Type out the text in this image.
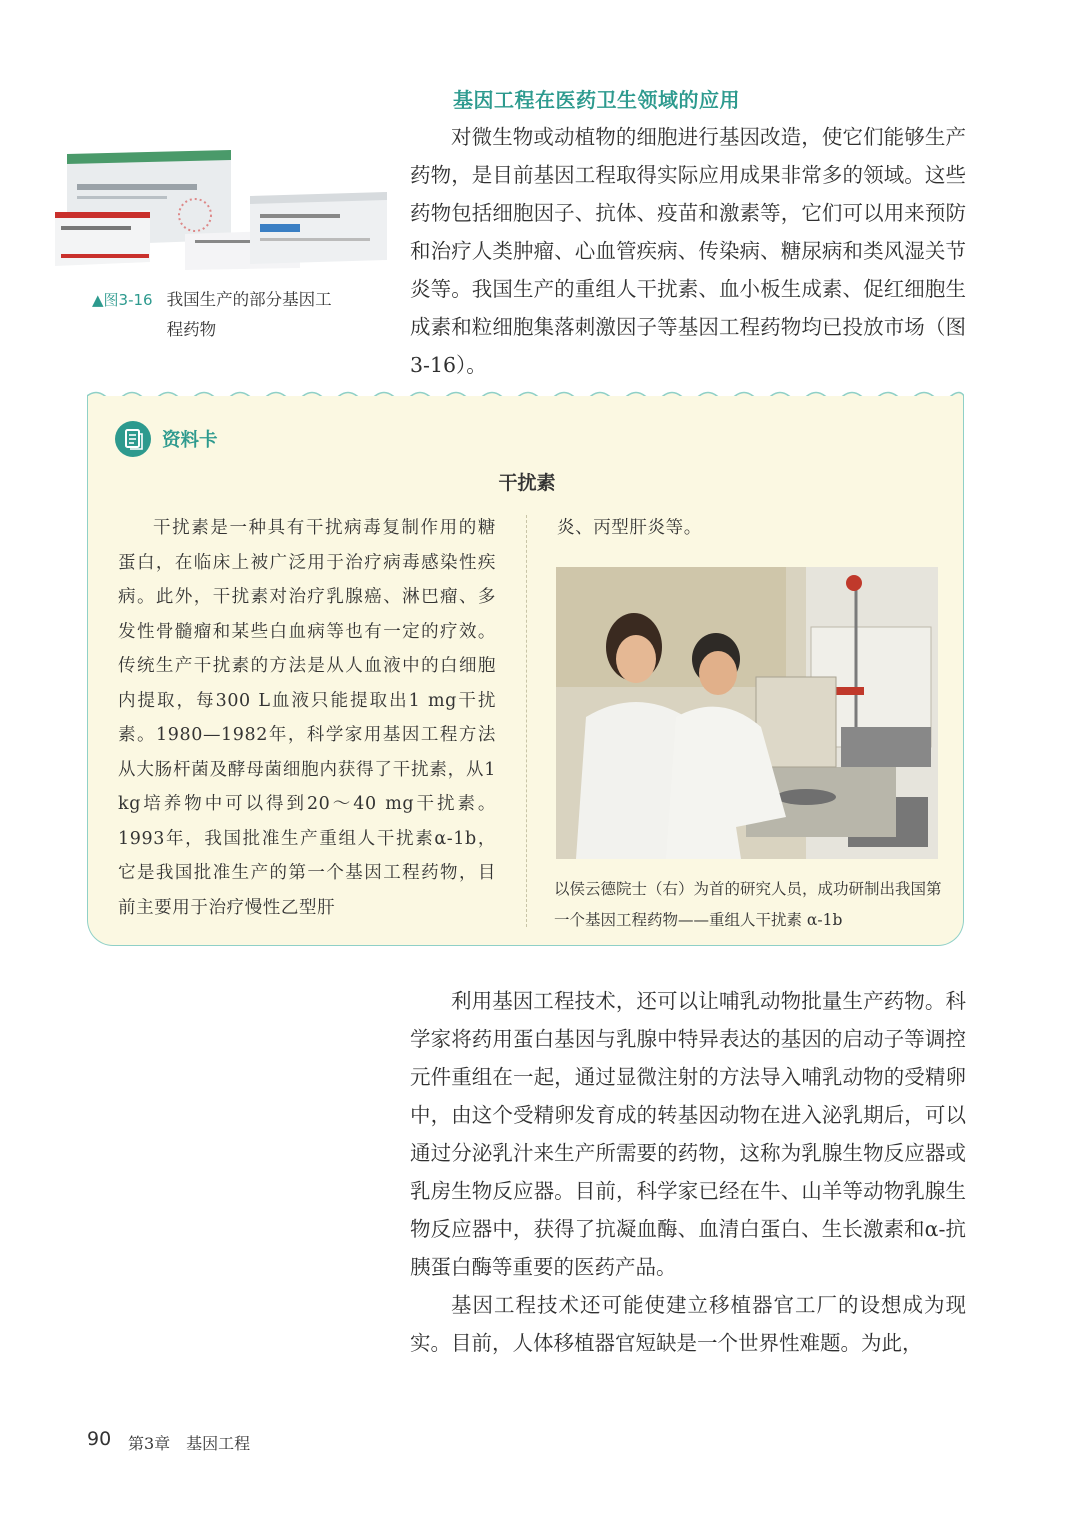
基因工程在医药卫生领域的应用

对微生物或动植物的细胞进行基因改造，使它们能够生产药物，是目前基因工程取得实际应用成果非常多的领域。这些药物包括细胞因子、抗体、疫苗和激素等，它们可以用来预防和治疗人类肿瘤、心血管疾病、传染病、糖尿病和类风湿关节炎等。我国生产的重组人干扰素、血小板生成素、促红细胞生成素和粒细胞集落刺激因子等基因工程药物均已投放市场（图3-16）。

▲图3-16 我国生产的部分基因工程药物
资料卡
干扰素

干扰素是一种具有干扰病毒复制作用的糖蛋白，在临床上被广泛用于治疗病毒感染性疾病。此外，干扰素对治疗乳腺癌、淋巴瘤、多发性骨髓瘤和某些白血病等也有一定的疗效。传统生产干扰素的方法是从人血液中的白细胞内提取，每300 L血液只能提取出1 mg干扰素。1980—1982年，科学家用基因工程方法从大肠杆菌及酵母菌细胞内获得了干扰素，从1 kg培养物中可以得到20～40 mg干扰素。1993年，我国批准生产重组人干扰素α-1b，它是我国批准生产的第一个基因工程药物，目前主要用于治疗慢性乙型肝

炎、丙型肝炎等。
以侯云德院士（右）为首的研究人员，成功研制出我国第一个基因工程药物——重组人干扰素 α-1b

利用基因工程技术，还可以让哺乳动物批量生产药物。科学家将药用蛋白基因与乳腺中特异表达的基因的启动子等调控元件重组在一起，通过显微注射的方法导入哺乳动物的受精卵中，由这个受精卵发育成的转基因动物在进入泌乳期后，可以通过分泌乳汁来生产所需要的药物，这称为乳腺生物反应器或乳房生物反应器。目前，科学家已经在牛、山羊等动物乳腺生物反应器中，获得了抗凝血酶、血清白蛋白、生长激素和α-抗胰蛋白酶等重要的医药产品。

基因工程技术还可能使建立移植器官工厂的设想成为现实。目前，人体移植器官短缺是一个世界性难题。为此，

90 第3章　基因工程
